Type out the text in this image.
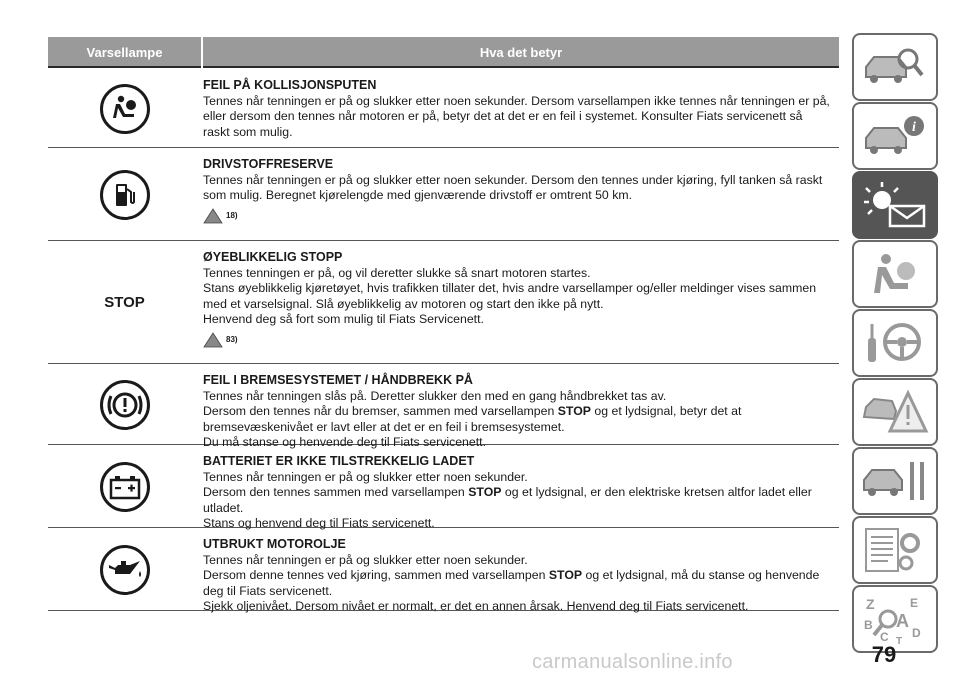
Varsellampe	Hva det betyr
FEIL PÅ KOLLISJONSPUTEN
Tennes når tenningen er på og slukker etter noen sekunder. Dersom varsellampen ikke tennes når tenningen er på,
eller dersom den tennes når motoren er på, betyr det at det er en feil i systemet. Konsulter Fiats servicenett så
raskt som mulig.
DRIVSTOFFRESERVE
Tennes når tenningen er på og slukker etter noen sekunder. Dersom den tennes under kjøring, fyll tanken så raskt
som mulig. Beregnet kjørelengde med gjenværende drivstoff er omtrent 50 km.
18)
STOP
ØYEBLIKKELIG STOPP
Tennes tenningen er på, og vil deretter slukke så snart motoren startes.
Stans øyeblikkelig kjøretøyet, hvis trafikken tillater det, hvis andre varsellamper og/eller meldinger vises sammen
med et varselsignal. Slå øyeblikkelig av motoren og start den ikke på nytt.
Henvend deg så fort som mulig til Fiats Servicenett.
83)
FEIL I BREMSESYSTEMET / HÅNDBREKK PÅ
Tennes når tenningen slås på. Deretter slukker den med en gang håndbrekket tas av.
Dersom den tennes når du bremser, sammen med varsellampen STOP og et lydsignal, betyr det at
bremsevæskenivået er lavt eller at det er en feil i bremsesystemet.
Du må stanse og henvende deg til Fiats servicenett.
BATTERIET ER IKKE TILSTREKKELIG LADET
Tennes når tenningen er på og slukker etter noen sekunder.
Dersom den tennes sammen med varsellampen STOP og et lydsignal, er den elektriske kretsen altfor ladet eller
utladet.
Stans og henvend deg til Fiats servicenett.
UTBRUKT MOTOROLJE
Tennes når tenningen er på og slukker etter noen sekunder.
Dersom denne tennes ved kjøring, sammen med varsellampen STOP og et lydsignal, må du stanse og henvende
deg til Fiats servicenett.
Sjekk oljenivået. Dersom nivået er normalt, er det en annen årsak. Henvend deg til Fiats servicenett.
i
Z	E
B A
C D
T
79
carmanualsonline.info
